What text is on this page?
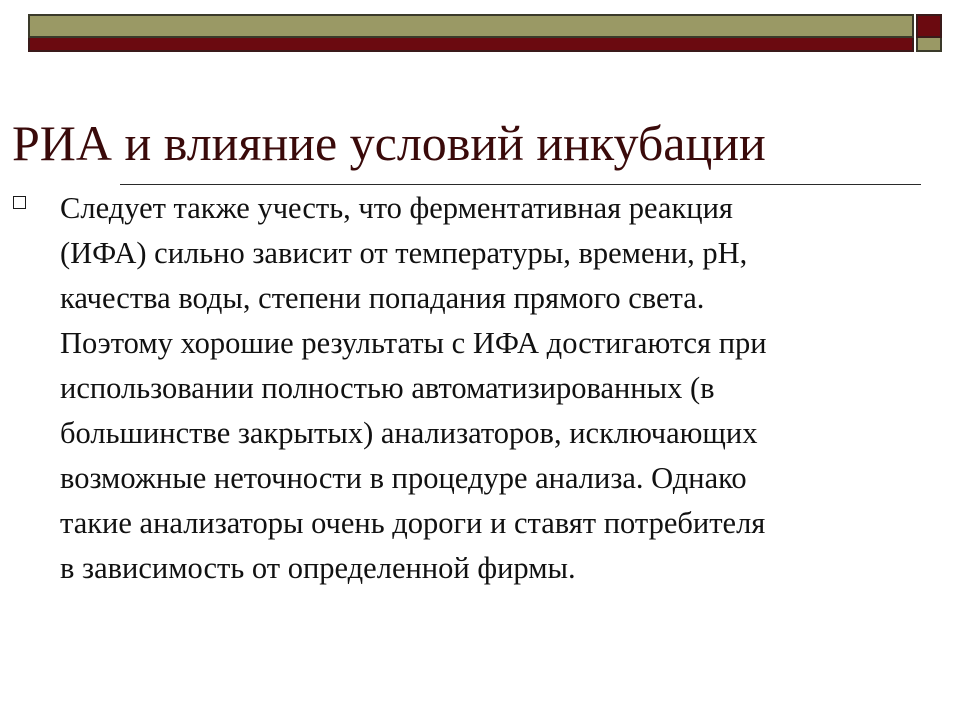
РИА и влияние условий инкубации

Следует также учесть, что ферментативная реакция
(ИФА) сильно зависит от температуры, времени, рН,
качества воды, степени попадания прямого света.
Поэтому хорошие результаты с ИФА достигаются при
использовании полностью автоматизированных (в
большинстве закрытых) анализаторов, исключающих
возможные неточности в процедуре анализа. Однако
такие анализаторы очень дороги и ставят потребителя
в зависимость от определенной фирмы.
